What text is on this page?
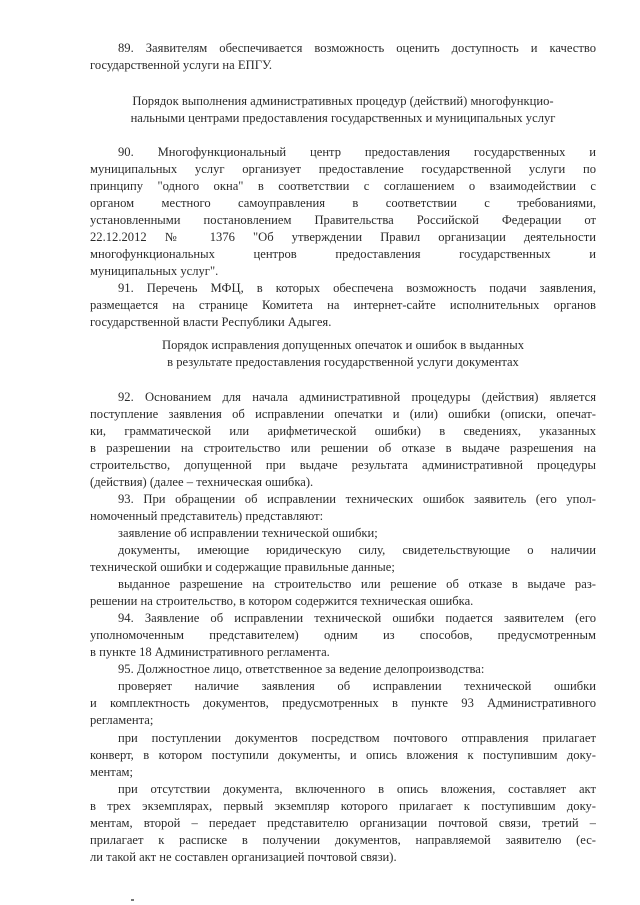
89. Заявителям обеспечивается возможность оценить доступность и качество
государственной услуги на ЕПГУ.
Порядок выполнения административных процедур (действий) многофункцио-
нальными центрами предоставления государственных и муниципальных услуг
90. Многофункциональный центр предоставления государственных и
муниципальных услуг организует предоставление государственной услуги по
принципу "одного окна" в соответствии с соглашением о взаимодействии с
органом местного самоуправления в соответствии с требованиями,
установленными постановлением Правительства Российской Федерации от
22.12.2012 № 1376 "Об утверждении Правил организации деятельности
многофункциональных центров предоставления государственных и
муниципальных услуг".
91. Перечень МФЦ, в которых обеспечена возможность подачи заявления,
размещается на странице Комитета на интернет-сайте исполнительных органов
государственной власти Республики Адыгея.
Порядок исправления допущенных опечаток и ошибок в выданных
в результате предоставления государственной услуги документах
92. Основанием для начала административной процедуры (действия) является
поступление заявления об исправлении опечатки и (или) ошибки (описки, опечат-
ки, грамматической или арифметической ошибки) в сведениях, указанных
в разрешении на строительство или решении об отказе в выдаче разрешения на
строительство, допущенной при выдаче результата административной процедуры
(действия) (далее – техническая ошибка).
93. При обращении об исправлении технических ошибок заявитель (его упол-
номоченный представитель) представляют:
заявление об исправлении технической ошибки;
документы, имеющие юридическую силу, свидетельствующие о наличии
технической ошибки и содержащие правильные данные;
выданное разрешение на строительство или решение об отказе в выдаче раз-
решении на строительство, в котором содержится техническая ошибка.
94. Заявление об исправлении технической ошибки подается заявителем (его
уполномоченным представителем) одним из способов, предусмотренным
в пункте 18 Административного регламента.
95. Должностное лицо, ответственное за ведение делопроизводства:
проверяет наличие заявления об исправлении технической ошибки
и комплектность документов, предусмотренных в пункте 93 Административного
регламента;
при поступлении документов посредством почтового отправления прилагает
конверт, в котором поступили документы, и опись вложения к поступившим доку-
ментам;
при отсутствии документа, включенного в опись вложения, составляет акт
в трех экземплярах, первый экземпляр которого прилагает к поступившим доку-
ментам, второй – передает представителю организации почтовой связи, третий –
прилагает к расписке в получении документов, направляемой заявителю (ес-
ли такой акт не составлен организацией почтовой связи).
